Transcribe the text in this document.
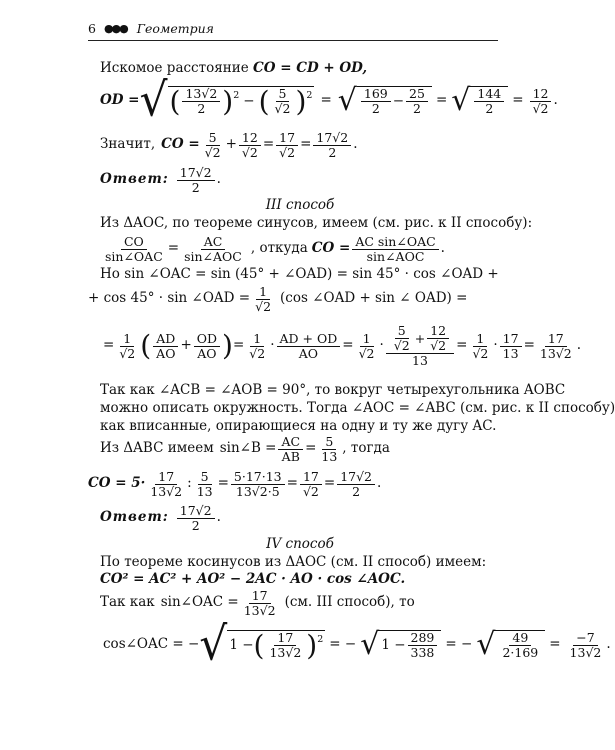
6 ●●● Геометрия
Искомое расстояние CO = CD + OD,
OD = √ ( $\frac{13√2}{2}$ ) 2 − ( $\frac{5}{√2}$ ) 2 = √ $\frac{169}{2} - \frac{25}{2}$ = √ $\frac{144}{2} = \frac{12}{√2}$ .
Значит, CO = $\frac{5}{√2} + \frac{12}{√2} = \frac{17}{√2} = \frac{17√2}{2}$ .
Ответ: $\frac{17√2}{2}$ .
III способ
Из ΔAOC, по теореме синусов, имеем (см. рис. к II способу):
$\frac{CO}{\text{sin∠OAC}} = \frac{AC}{\text{sin∠AOC}}$ , откуда CO = $\frac{\text{AC sin∠OAC}}{\text{sin∠AOC}}$ .
Но sin ∠OAC = sin (45° + ∠OAD) = sin 45° · cos ∠OAD +
+ cos 45° · sin ∠OAD = $\frac{1}{√2} (\cos$ ∠OAD + sin ∠ OAD) =
= $\frac{1}{√2}$ ( $\frac{AD}{AO} + \frac{OD}{AO}$ ) = $\frac{1}{√2} \cdot \frac{AD + OD}{AO} = \frac{1}{√2} \cdot \frac{\frac{5}{√2} + \frac{12}{√2}}{13} = \frac{1}{√2} \cdot \frac{17}{13} = \frac{17}{13√2}$ .
Так как ∠ACB = ∠AOB = 90°, то вокруг четырехугольника AOBC
можно описать окружность. Тогда ∠AOC = ∠ABC (см. рис. к II способу)
как вписанные, опирающиеся на одну и ту же дугу AC.
Из ΔABC имеем sin∠B = $\frac{AC}{AB} = \frac{5}{13}$ , тогда
CO = $5\cdot \frac{17}{13√2}$ : $\frac{5}{13} = \frac{5\cdot 17\cdot 13}{13√2\cdot 5} = \frac{17}{√2} = \frac{17√2}{2}$ .
Ответ: $\frac{17√2}{2}$ .
IV способ
По теореме косинусов из ΔAOC (см. II способ) имеем:
CO² = AC² + AO² − 2AC · AO · cos ∠AOC.
Так как sin∠OAC = $\frac{17}{13√2} (см$. III способ), то
cos∠OAC = − √ 1 − ( $\frac{17}{13√2}$ ) 2 = − √ $1 - \frac{289}{338}$ = − √ $\frac{49}{2\cdot 169} = \frac{-7}{13√2}$ .
